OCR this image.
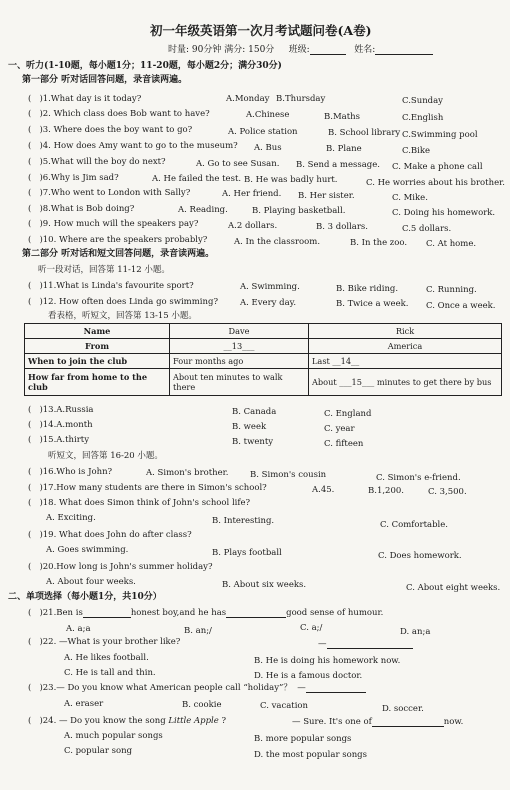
初一年级英语第一次月考试题问卷(A卷)
时量: 90分钟 满分: 150分 班级:	姓名:
一、听力(1-10题，每小题1分；11-20题，每小题2分；满分30分)
第一部分 听对话回答问题，录音读两遍。
( )1.What day is it today?	A.Monday B.Thursday	C.Sunday
( )2. Which class does Bob want to have?	A.Chinese	B.Maths	C.English
( )3. Where does the boy want to go?	A. Police station	B. School library C.Swimming pool
( )4. How does Amy want to go to the museum? A. Bus	B. Plane	C.Bike
( )5.What will the boy do next?	A. Go to see Susan. B. Send a message. C. Make a phone call
( )6.Why is Jim sad?	A. He failed the test. B. He was badly hurt.	C. He worries about his brother.
( )7.Who went to London with Sally?	A. Her friend. B. Her sister.	C. Mike.
( )8.What is Bob doing?	A. Reading.	B. Playing basketball.	C. Doing his homework.
( )9. How much will the speakers pay?	A.2 dollars.	B. 3 dollars.	C.5 dollars.
( )10. Where are the speakers probably?	A. In the classroom.	B. In the zoo. C. At home.
第二部分 听对话和短文回答问题，录音读两遍。
听一段对话，回答第 11-12 小题。
( )11.What is Linda's favourite sport?	A. Swimming.	B. Bike riding.	C. Running.
( )12. How often does Linda go swimming?	A. Every day.	B. Twice a week. C. Once a week.
看表格，听短文，回答第 13-15 小题。
Name	Dave	Rick
From	__13___	America
When to join the club	Four months ago	Last __14__
How far from home to the club	About ten minutes to walk there	About ___15___ minutes to get there by bus
( )13.A.Russia	B. Canada	C. England
( )14.A.month	B. week	C. year
( )15.A.thirty	B. twenty	C. fifteen
听短文，回答第 16-20 小题。
( )16.Who is John?	A. Simon's brother.	B. Simon's cousin	C. Simon's e-friend.
( )17.How many students are there in Simon's school?	A.45.	B.1,200.	C. 3,500.
( )18. What does Simon think of John's school life?
A. Exciting.	B. Interesting.	C. Comfortable.
( )19. What does John do after class?
A. Goes swimming.	B. Plays football	C. Does homework.
( )20.How long is John's summer holiday?
A. About four weeks.	B. About six weeks.	C. About eight weeks.
二、单项选择（每小题1分，共10分）
( )21.Ben is	honest boy,and he has	good sense of humour.
A. a;a	B. an;/	C. a;/	D. an;a
( )22. —What is your brother like?	—
A. He likes football.	B. He is doing his homework now.
C. He is tall and thin.	D. He is a famous doctor.
( )23.— Do you know what American people call “holiday”？ —
A. eraser	B. cookie	C. vacation	D. soccer.
( )24. — Do you know the song Little Apple ?	— Sure. It's one of	now.
A. much popular songs	B. more popular songs
C. popular song	D. the most popular songs
